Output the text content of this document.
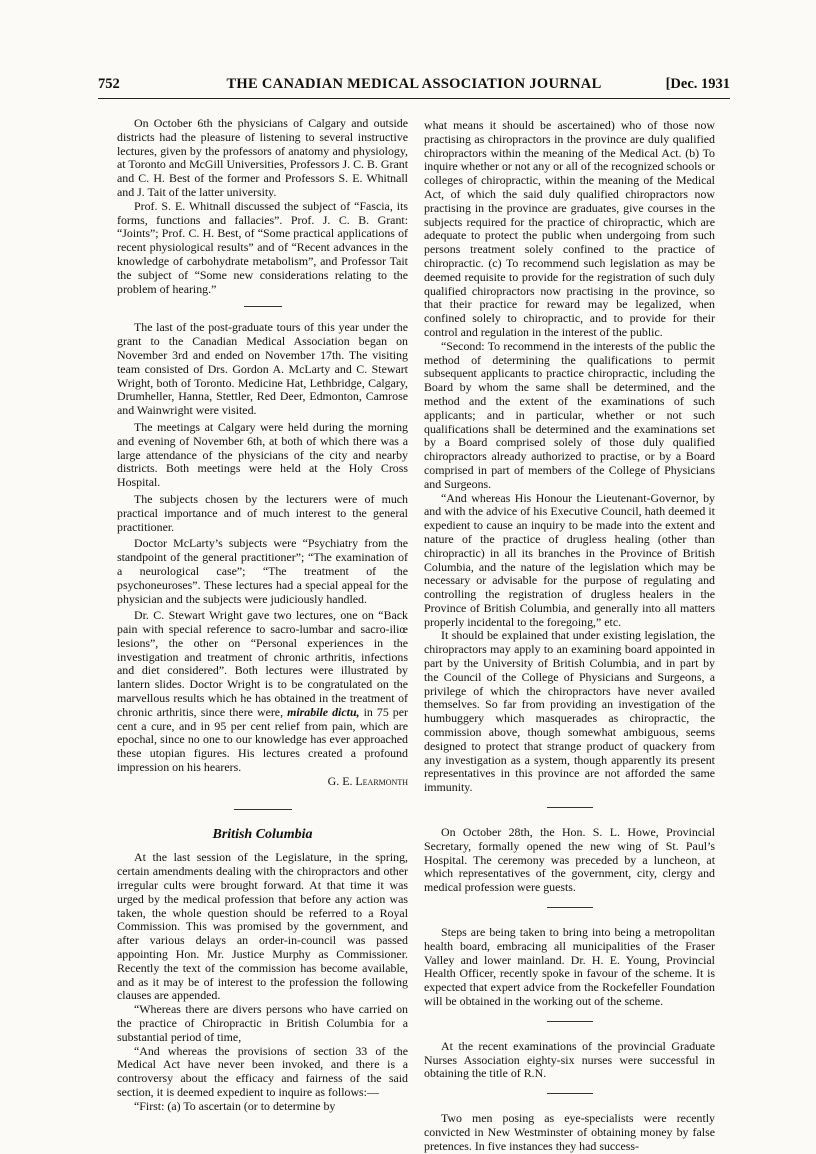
752	THE CANADIAN MEDICAL ASSOCIATION JOURNAL	[Dec. 1931

On October 6th the physicians of Calgary and outside districts had the pleasure of listening to several instructive lectures, given by the professors of anatomy and physiology, at Toronto and McGill Universities, Professors J. C. B. Grant and C. H. Best of the former and Professors S. E. Whitnall and J. Tait of the latter university.

Prof. S. E. Whitnall discussed the subject of “Fascia, its forms, functions and fallacies”. Prof. J. C. B. Grant: “Joints”; Prof. C. H. Best, of “Some practical applications of recent physiological results” and of “Recent advances in the knowledge of carbohydrate metabolism”, and Professor Tait the subject of “Some new considerations relating to the problem of hearing.”

The last of the post-graduate tours of this year under the grant to the Canadian Medical Association began on November 3rd and ended on November 17th. The visiting team consisted of Drs. Gordon A. McLarty and C. Stewart Wright, both of Toronto. Medicine Hat, Lethbridge, Calgary, Drumheller, Hanna, Stettler, Red Deer, Edmonton, Camrose and Wainwright were visited.

The meetings at Calgary were held during the morning and evening of November 6th, at both of which there was a large attendance of the physicians of the city and nearby districts. Both meetings were held at the Holy Cross Hospital.

The subjects chosen by the lecturers were of much practical importance and of much interest to the general practitioner.

Doctor McLarty’s subjects were “Psychiatry from the standpoint of the general practitioner”; “The examination of a neurological case”; “The treatment of the psychoneuroses”. These lectures had a special appeal for the physician and the subjects were judiciously handled.

Dr. C. Stewart Wright gave two lectures, one on “Back pain with special reference to sacro-lumbar and sacro-iliœ lesions”, the other on “Personal experiences in the investigation and treatment of chronic arthritis, infections and diet considered”. Both lectures were illustrated by lantern slides. Doctor Wright is to be congratulated on the marvellous results which he has obtained in the treatment of chronic arthritis, since there were, mirabile dictu, in 75 per cent a cure, and in 95 per cent relief from pain, which are epochal, since no one to our knowledge has ever approached these utopian figures. His lectures created a profound impression on his hearers.

G. E. Learmonth
British Columbia

At the last session of the Legislature, in the spring, certain amendments dealing with the chiropractors and other irregular cults were brought forward. At that time it was urged by the medical profession that before any action was taken, the whole question should be referred to a Royal Commission. This was promised by the government, and after various delays an order-in-council was passed appointing Hon. Mr. Justice Murphy as Commissioner. Recently the text of the commission has become available, and as it may be of interest to the profession the following clauses are appended.

“Whereas there are divers persons who have carried on the practice of Chiropractic in British Columbia for a substantial period of time,

“And whereas the provisions of section 33 of the Medical Act have never been invoked, and there is a controversy about the efficacy and fairness of the said section, it is deemed expedient to inquire as follows:—

“First: (a) To ascertain (or to determine by

what means it should be ascertained) who of those now practising as chiropractors in the province are duly qualified chiropractors within the meaning of the Medical Act. (b) To inquire whether or not any or all of the recognized schools or colleges of chiropractic, within the meaning of the Medical Act, of which the said duly qualified chiropractors now practising in the province are graduates, give courses in the subjects required for the practice of chiropractic, which are adequate to protect the public when undergoing from such persons treatment solely confined to the practice of chiropractic. (c) To recommend such legislation as may be deemed requisite to provide for the registration of such duly qualified chiropractors now practising in the province, so that their practice for reward may be legalized, when confined solely to chiropractic, and to provide for their control and regulation in the interest of the public.

“Second: To recommend in the interests of the public the method of determining the qualifications to permit subsequent applicants to practice chiropractic, including the Board by whom the same shall be determined, and the method and the extent of the examinations of such applicants; and in particular, whether or not such qualifications shall be determined and the examinations set by a Board comprised solely of those duly qualified chiropractors already authorized to practise, or by a Board comprised in part of members of the College of Physicians and Surgeons.

“And whereas His Honour the Lieutenant-Governor, by and with the advice of his Executive Council, hath deemed it expedient to cause an inquiry to be made into the extent and nature of the practice of drugless healing (other than chiropractic) in all its branches in the Province of British Columbia, and the nature of the legislation which may be necessary or advisable for the purpose of regulating and controlling the registration of drugless healers in the Province of British Columbia, and generally into all matters properly incidental to the foregoing,” etc.

It should be explained that under existing legislation, the chiropractors may apply to an examining board appointed in part by the University of British Columbia, and in part by the Council of the College of Physicians and Surgeons, a privilege of which the chiropractors have never availed themselves. So far from providing an investigation of the humbuggery which masquerades as chiropractic, the commission above, though somewhat ambiguous, seems designed to protect that strange product of quackery from any investigation as a system, though apparently its present representatives in this province are not afforded the same immunity.

On October 28th, the Hon. S. L. Howe, Provincial Secretary, formally opened the new wing of St. Paul’s Hospital. The ceremony was preceded by a luncheon, at which representatives of the government, city, clergy and medical profession were guests.

Steps are being taken to bring into being a metropolitan health board, embracing all municipalities of the Fraser Valley and lower mainland. Dr. H. E. Young, Provincial Health Officer, recently spoke in favour of the scheme. It is expected that expert advice from the Rockefeller Foundation will be obtained in the working out of the scheme.

At the recent examinations of the provincial Graduate Nurses Association eighty-six nurses were successful in obtaining the title of R.N.

Two men posing as eye-specialists were recently convicted in New Westminster of obtaining money by false pretences. In five instances they had success-
